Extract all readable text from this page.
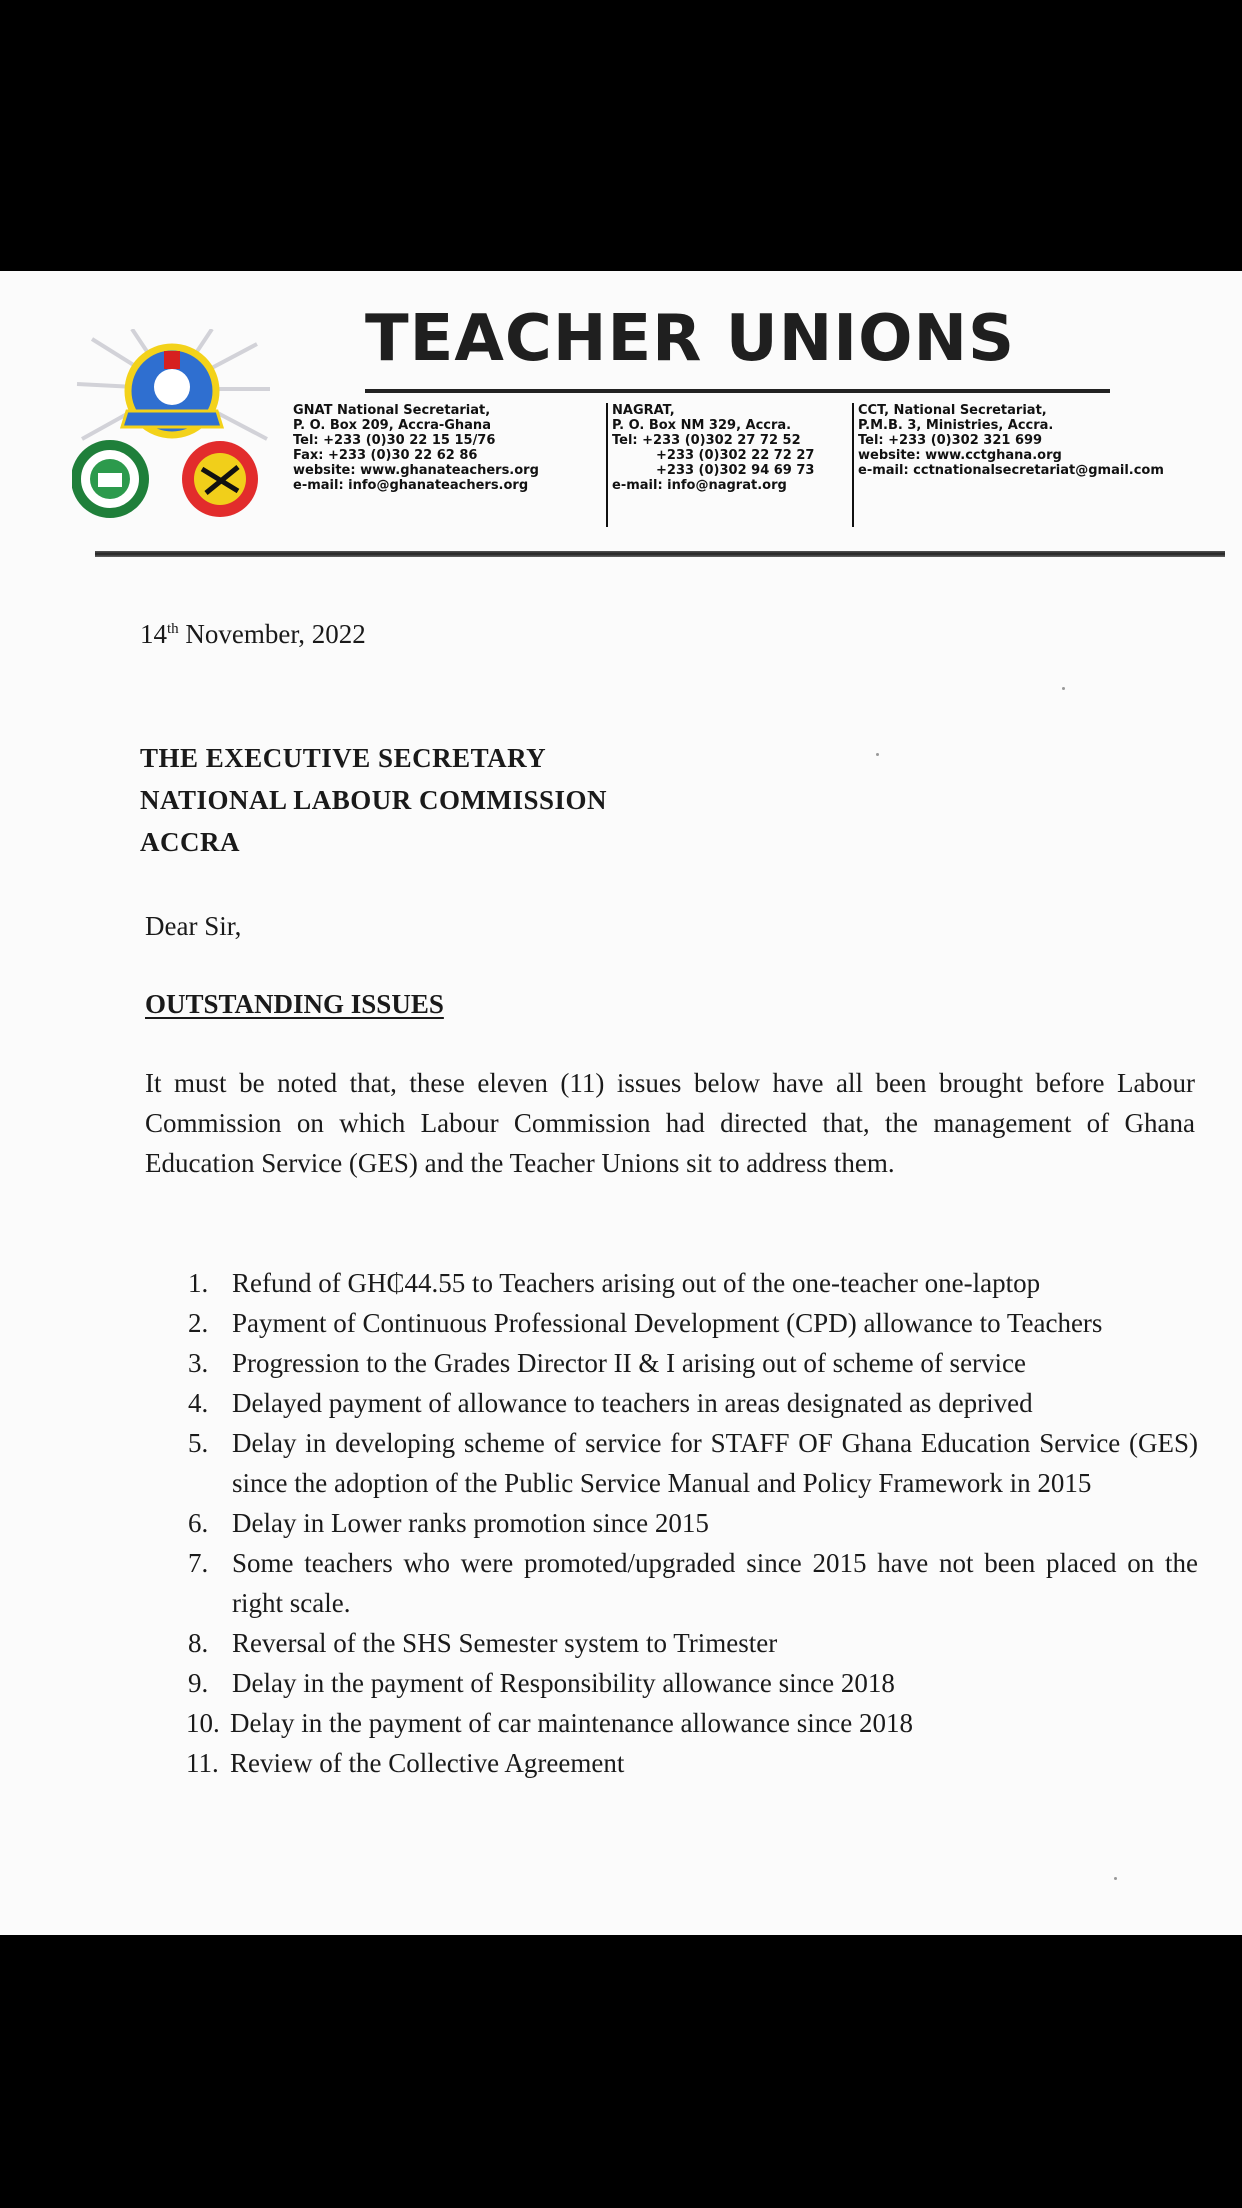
TEACHER UNIONS
GNAT National Secretariat,
P. O. Box 209, Accra-Ghana
Tel: +233 (0)30 22 15 15/76
Fax: +233 (0)30 22 62 86
website: www.ghanateachers.org
e-mail: info@ghanateachers.org
NAGRAT,
P. O. Box NM 329, Accra.
Tel: +233 (0)302 27 72 52
+233 (0)302 22 72 27
+233 (0)302 94 69 73
e-mail: info@nagrat.org
CCT, National Secretariat,
P.M.B. 3, Ministries, Accra.
Tel: +233 (0)302 321 699
website: www.cctghana.org
e-mail: cctnationalsecretariat@gmail.com
14th November, 2022
THE EXECUTIVE SECRETARY
NATIONAL LABOUR COMMISSION
ACCRA
Dear Sir,
OUTSTANDING ISSUES

It must be noted that, these eleven (11) issues below have all been brought before Labour Commission on which Labour Commission had directed that, the management of Ghana Education Service (GES) and the Teacher Unions sit to address them.

1. Refund of GH₵44.55 to Teachers arising out of the one-teacher one-laptop
2. Payment of Continuous Professional Development (CPD) allowance to Teachers
3. Progression to the Grades Director II & I arising out of scheme of service
4. Delayed payment of allowance to teachers in areas designated as deprived
5. Delay in developing scheme of service for STAFF OF Ghana Education Service (GES) since the adoption of the Public Service Manual and Policy Framework in 2015
6. Delay in Lower ranks promotion since 2015
7. Some teachers who were promoted/upgraded since 2015 have not been placed on the right scale.
8. Reversal of the SHS Semester system to Trimester
9. Delay in the payment of Responsibility allowance since 2018
10. Delay in the payment of car maintenance allowance since 2018
11. Review of the Collective Agreement
